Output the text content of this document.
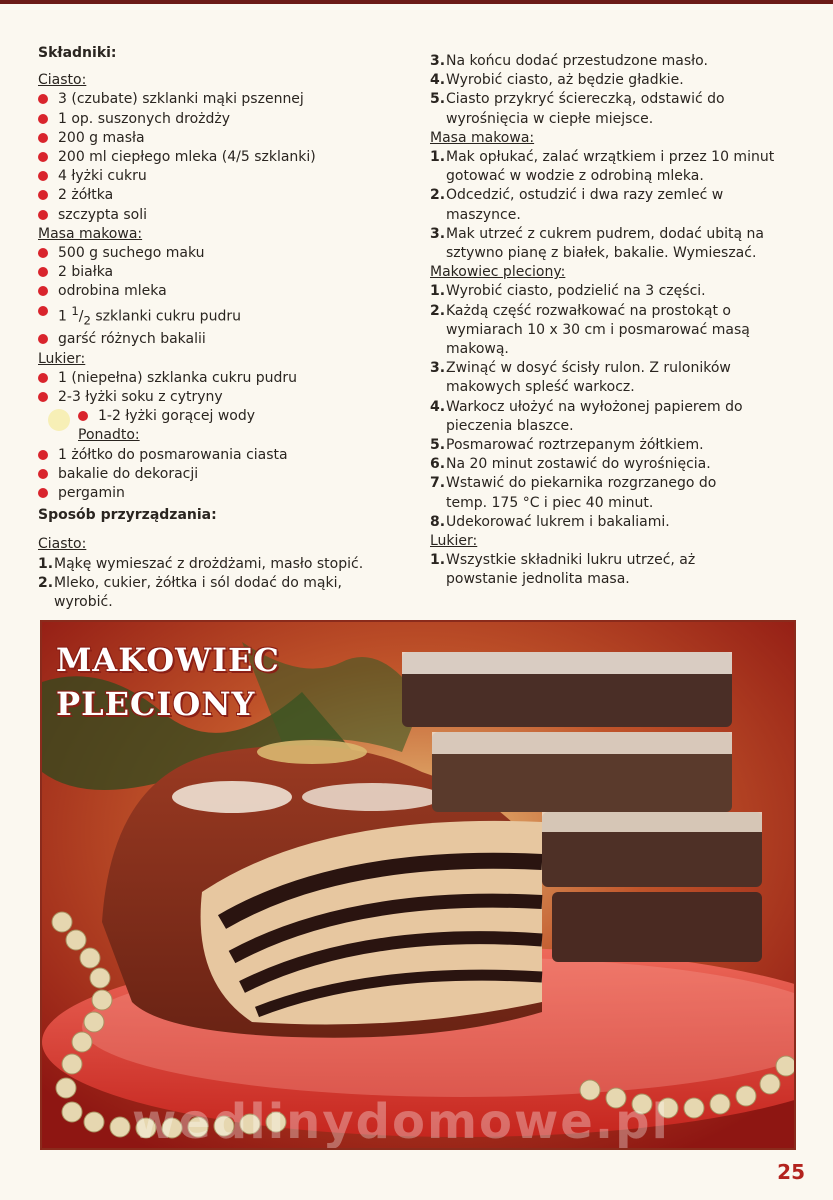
Składniki:
Ciasto:
3 (czubate) szklanki mąki pszennej
1 op. suszonych drożdży
200 g masła
200 ml ciepłego mleka (4/5 szklanki)
4 łyżki cukru
2 żółtka
szczypta soli
Masa makowa:
500 g suchego maku
2 białka
odrobina mleka
1 $^1/_2$ szklanki cukru pudru
garść różnych bakalii
Lukier:
1 (niepełna) szklanka cukru pudru
2-3 łyżki soku z cytryny
1-2 łyżki gorącej wody
Ponadto:
1 żółtko do posmarowania ciasta
bakalie do dekoracji
pergamin
Sposób przyrządzania:
Ciasto:
1. Mąkę wymieszać z drożdżami, masło stopić.
2. Mleko, cukier, żółtka i sól dodać do mąki, wyrobić.
3. Na końcu dodać przestudzone masło.
4. Wyrobić ciasto, aż będzie gładkie.
5. Ciasto przykryć ściereczką, odstawić do wyrośnięcia w ciepłe miejsce.
Masa makowa:
1. Mak opłukać, zalać wrzątkiem i przez 10 minut gotować w wodzie z odrobiną mleka.
2. Odcedzić, ostudzić i dwa razy zemleć w maszynce.
3. Mak utrzeć z cukrem pudrem, dodać ubitą na sztywno pianę z białek, bakalie. Wymieszać.
Makowiec pleciony:
1. Wyrobić ciasto, podzielić na 3 części.
2. Każdą część rozwałkować na prostokąt o wymiarach 10 x 30 cm i posmarować masą makową.
3. Zwinąć w dosyć ścisły rulon. Z ruloników makowych spleść warkocz.
4. Warkocz ułożyć na wyłożonej papierem do pieczenia blaszce.
5. Posmarować roztrzepanym żółtkiem.
6. Na 20 minut zostawić do wyrośnięcia.
7. Wstawić do piekarnika rozgrzanego do temp. 175 °C i piec 40 minut.
8. Udekorować lukrem i bakaliami.
Lukier:
1. Wszystkie składniki lukru utrzeć, aż powstanie jednolita masa.
MAKOWIEC
PLECIONY
wedlinydomowe.pl
25
